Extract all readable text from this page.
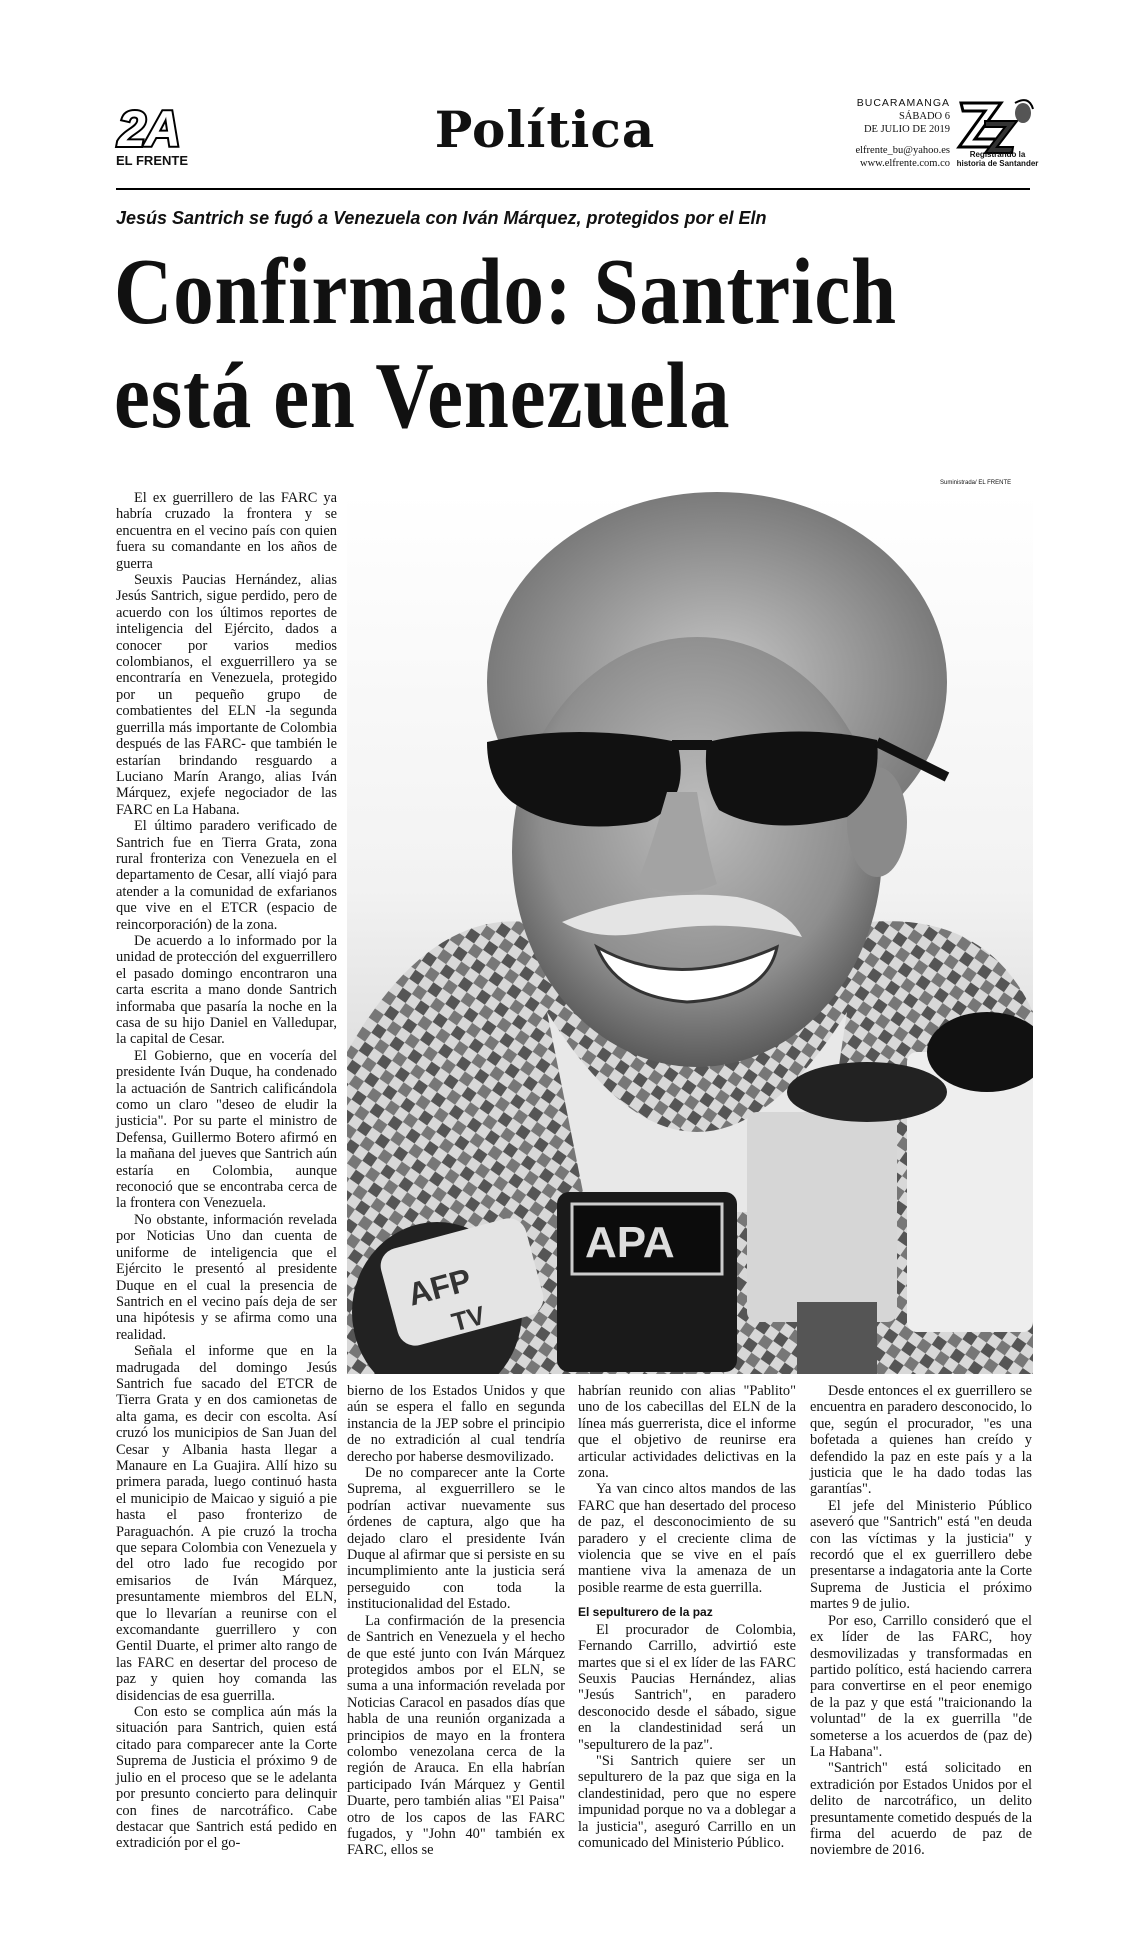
2A
EL FRENTE
Política	BUCARAMANGA
SÁBADO 6
DE JULIO DE 2019
elfrente_bu@yahoo.es
www.elfrente.com.co
Registrando la historia de Santander
Jesús Santrich se fugó a Venezuela con Iván Márquez, protegidos por el Eln
Confirmado: Santrich
está en Venezuela
Suministrada/ EL FRENTE
AFP
TV
APA

El ex guerrillero de las FARC ya habría cruzado la frontera y se encuentra en el vecino país con quien fuera su comandante en los años de guerra

Seuxis Paucias Hernández, alias Jesús Santrich, sigue perdido, pero de acuerdo con los últimos reportes de inteligencia del Ejército, dados a conocer por varios medios colombianos, el exguerrillero ya se encontraría en Venezuela, protegido por un pequeño grupo de combatientes del ELN -la segunda guerrilla más importante de Colombia después de las FARC- que también le estarían brindando resguardo a Luciano Marín Arango, alias Iván Márquez, exjefe negociador de las FARC en La Habana.

El último paradero verificado de Santrich fue en Tierra Grata, zona rural fronteriza con Venezuela en el departamento de Cesar, allí viajó para atender a la comunidad de exfarianos que vive en el ETCR (espacio de reincorporación) de la zona.

De acuerdo a lo informado por la unidad de protección del exguerrillero el pasado domingo encontraron una carta escrita a mano donde Santrich informaba que pasaría la noche en la casa de su hijo Daniel en Valledupar, la capital de Cesar.

El Gobierno, que en vocería del presidente Iván Duque, ha condenado la actuación de Santrich calificándola como un claro "deseo de eludir la justicia". Por su parte el ministro de Defensa, Guillermo Botero afirmó en la mañana del jueves que Santrich aún estaría en Colombia, aunque reconoció que se encontraba cerca de la frontera con Venezuela.

No obstante, información revelada por Noticias Uno dan cuenta de uniforme de inteligencia que el Ejército le presentó al presidente Duque en el cual la presencia de Santrich en el vecino país deja de ser una hipótesis y se afirma como una realidad.

Señala el informe que en la madrugada del domingo Jesús Santrich fue sacado del ETCR de Tierra Grata y en dos camionetas de alta gama, es decir con escolta. Así cruzó los municipios de San Juan del Cesar y Albania hasta llegar a Manaure en La Guajira. Allí hizo su primera parada, luego continuó hasta el municipio de Maicao y siguió a pie hasta el paso fronterizo de Paraguachón. A pie cruzó la trocha que separa Colombia con Venezuela y del otro lado fue recogido por emisarios de Iván Márquez, presuntamente miembros del ELN, que lo llevarían a reunirse con el excomandante guerrillero y con Gentil Duarte, el primer alto rango de las FARC en desertar del proceso de paz y quien hoy comanda las disidencias de esa guerrilla.

Con esto se complica aún más la situación para Santrich, quien está citado para comparecer ante la Corte Suprema de Justicia el próximo 9 de julio en el proceso que se le adelanta por presunto concierto para delinquir con fines de narcotráfico. Cabe destacar que Santrich está pedido en extradición por el go-

bierno de los Estados Unidos y que aún se espera el fallo en segunda instancia de la JEP sobre el principio de no extradición al cual tendría derecho por haberse desmovilizado.

De no comparecer ante la Corte Suprema, al exguerrillero se le podrían activar nuevamente sus órdenes de captura, algo que ha dejado claro el presidente Iván Duque al afirmar que si persiste en su incumplimiento ante la justicia será perseguido con toda la institucionalidad del Estado.

La confirmación de la presencia de Santrich en Venezuela y el hecho de que esté junto con Iván Márquez protegidos ambos por el ELN, se suma a una información revelada por Noticias Caracol en pasados días que habla de una reunión organizada a principios de mayo en la frontera colombo venezolana cerca de la región de Arauca. En ella habrían participado Iván Márquez y Gentil Duarte, pero también alias "El Paisa" otro de los capos de las FARC fugados, y "John 40" también ex FARC, ellos se

habrían reunido con alias "Pablito" uno de los cabecillas del ELN de la línea más guerrerista, dice el informe que el objetivo de reunirse era articular actividades delictivas en la zona.

Ya van cinco altos mandos de las FARC que han desertado del proceso de paz, el desconocimiento de su paradero y el creciente clima de violencia que se vive en el país mantiene viva la amenaza de un posible rearme de esta guerrilla.

El sepulturero de la paz

El procurador de Colombia, Fernando Carrillo, advirtió este martes que si el ex líder de las FARC Seuxis Paucias Hernández, alias "Jesús Santrich", en paradero desconocido desde el sábado, sigue en la clandestinidad será un "sepulturero de la paz".

"Si Santrich quiere ser un sepulturero de la paz que siga en la clandestinidad, pero que no espere impunidad porque no va a doblegar a la justicia", aseguró Carrillo en un comunicado del Ministerio Público.

Desde entonces el ex guerrillero se encuentra en paradero desconocido, lo que, según el procurador, "es una bofetada a quienes han creído y defendido la paz en este país y a la justicia que le ha dado todas las garantías".

El jefe del Ministerio Público aseveró que "Santrich" está "en deuda con las víctimas y la justicia" y recordó que el ex guerrillero debe presentarse a indagatoria ante la Corte Suprema de Justicia el próximo martes 9 de julio.

Por eso, Carrillo consideró que el ex líder de las FARC, hoy desmovilizadas y transformadas en partido político, está haciendo carrera para convertirse en el peor enemigo de la paz y que está "traicionando la voluntad" de la ex guerrilla "de someterse a los acuerdos de (paz de) La Habana".

"Santrich" está solicitado en extradición por Estados Unidos por el delito de narcotráfico, un delito presuntamente cometido después de la firma del acuerdo de paz de noviembre de 2016.
